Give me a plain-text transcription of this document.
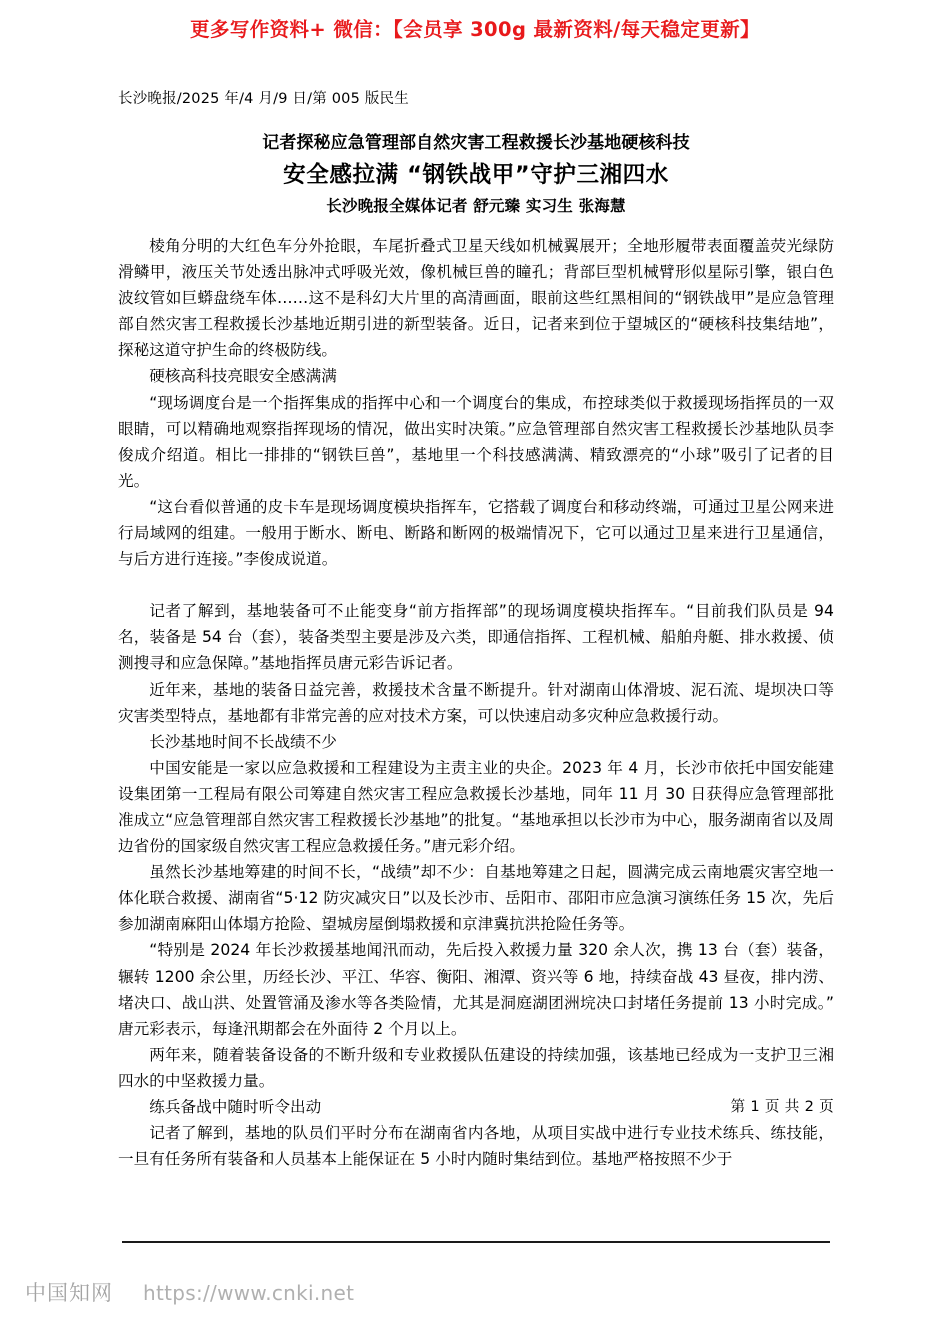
更多写作资料+ 微信：【会员享 300g 最新资料/每天稳定更新】
长沙晚报/2025 年/4 月/9 日/第 005 版民生
记者探秘应急管理部自然灾害工程救援长沙基地硬核科技
安全感拉满 “钢铁战甲”守护三湘四水
长沙晚报全媒体记者 舒元臻 实习生 张海慧

棱角分明的大红色车分外抢眼，车尾折叠式卫星天线如机械翼展开；全地形履带表面覆盖荧光绿防滑鳞甲，液压关节处透出脉冲式呼吸光效，像机械巨兽的瞳孔；背部巨型机械臂形似星际引擎，银白色波纹管如巨蟒盘绕车体……这不是科幻大片里的高清画面，眼前这些红黑相间的“钢铁战甲”是应急管理部自然灾害工程救援长沙基地近期引进的新型装备。近日，记者来到位于望城区的“硬核科技集结地”，探秘这道守护生命的终极防线。

硬核高科技亮眼安全感满满

“现场调度台是一个指挥集成的指挥中心和一个调度台的集成，布控球类似于救援现场指挥员的一双眼睛，可以精确地观察指挥现场的情况，做出实时决策。”应急管理部自然灾害工程救援长沙基地队员李俊成介绍道。相比一排排的“钢铁巨兽”，基地里一个科技感满满、精致漂亮的“小球”吸引了记者的目光。

“这台看似普通的皮卡车是现场调度模块指挥车，它搭载了调度台和移动终端，可通过卫星公网来进行局域网的组建。一般用于断水、断电、断路和断网的极端情况下，它可以通过卫星来进行卫星通信，与后方进行连接。”李俊成说道。

记者了解到，基地装备可不止能变身“前方指挥部”的现场调度模块指挥车。“目前我们队员是 94 名，装备是 54 台（套），装备类型主要是涉及六类，即通信指挥、工程机械、船舶舟艇、排水救援、侦测搜寻和应急保障。”基地指挥员唐元彩告诉记者。

近年来，基地的装备日益完善，救援技术含量不断提升。针对湖南山体滑坡、泥石流、堤坝决口等灾害类型特点，基地都有非常完善的应对技术方案，可以快速启动多灾种应急救援行动。

长沙基地时间不长战绩不少

中国安能是一家以应急救援和工程建设为主责主业的央企。2023 年 4 月，长沙市依托中国安能建设集团第一工程局有限公司筹建自然灾害工程应急救援长沙基地，同年 11 月 30 日获得应急管理部批准成立“应急管理部自然灾害工程救援长沙基地”的批复。“基地承担以长沙市为中心，服务湖南省以及周边省份的国家级自然灾害工程应急救援任务。”唐元彩介绍。

虽然长沙基地筹建的时间不长，“战绩”却不少：自基地筹建之日起，圆满完成云南地震灾害空地一体化联合救援、湖南省“5·12 防灾减灾日”以及长沙市、岳阳市、邵阳市应急演习演练任务 15 次，先后参加湖南麻阳山体塌方抢险、望城房屋倒塌救援和京津冀抗洪抢险任务等。

“特别是 2024 年长沙救援基地闻汛而动，先后投入救援力量 320 余人次，携 13 台（套）装备，辗转 1200 余公里，历经长沙、平江、华容、衡阳、湘潭、资兴等 6 地，持续奋战 43 昼夜，排内涝、堵决口、战山洪、处置管涌及渗水等各类险情，尤其是洞庭湖团洲垸决口封堵任务提前 13 小时完成。”唐元彩表示，每逢汛期都会在外面待 2 个月以上。

两年来，随着装备设备的不断升级和专业救援队伍建设的持续加强，该基地已经成为一支护卫三湘四水的中坚救援力量。

练兵备战中随时听令出动

记者了解到，基地的队员们平时分布在湖南省内各地，从项目实战中进行专业技术练兵、练技能，一旦有任务所有装备和人员基本上能保证在 5 小时内随时集结到位。基地严格按照不少于

第 1 页 共 2 页
中国知网 https://www.cnki.net
